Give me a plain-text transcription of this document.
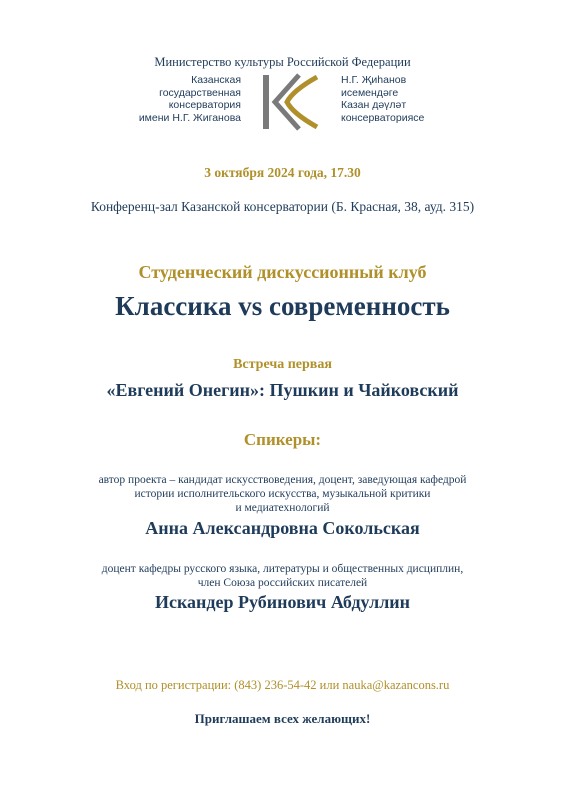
Министерство культуры Российской Федерации
Казанская
государственная
консерватория
имени Н.Г. Жиганова
Н.Г. Җиһанов
исемендәге
Казан дәүләт
консерваториясе
3 октября 2024 года, 17.30
Конференц-зал Казанской консерватории (Б. Красная, 38, ауд. 315)
Студенческий дискуссионный клуб
Классика vs современность
Встреча первая
«Евгений Онегин»: Пушкин и Чайковский
Спикеры:
автор проекта – кандидат искусствоведения, доцент, заведующая кафедрой
истории исполнительского искусства, музыкальной критики
и медиатехнологий
Анна Александровна Сокольская
доцент кафедры русского языка, литературы и общественных дисциплин,
член Союза российских писателей
Искандер Рубинович Абдуллин
Вход по регистрации: (843) 236-54-42 или nauka@kazancons.ru
Приглашаем всех желающих!
